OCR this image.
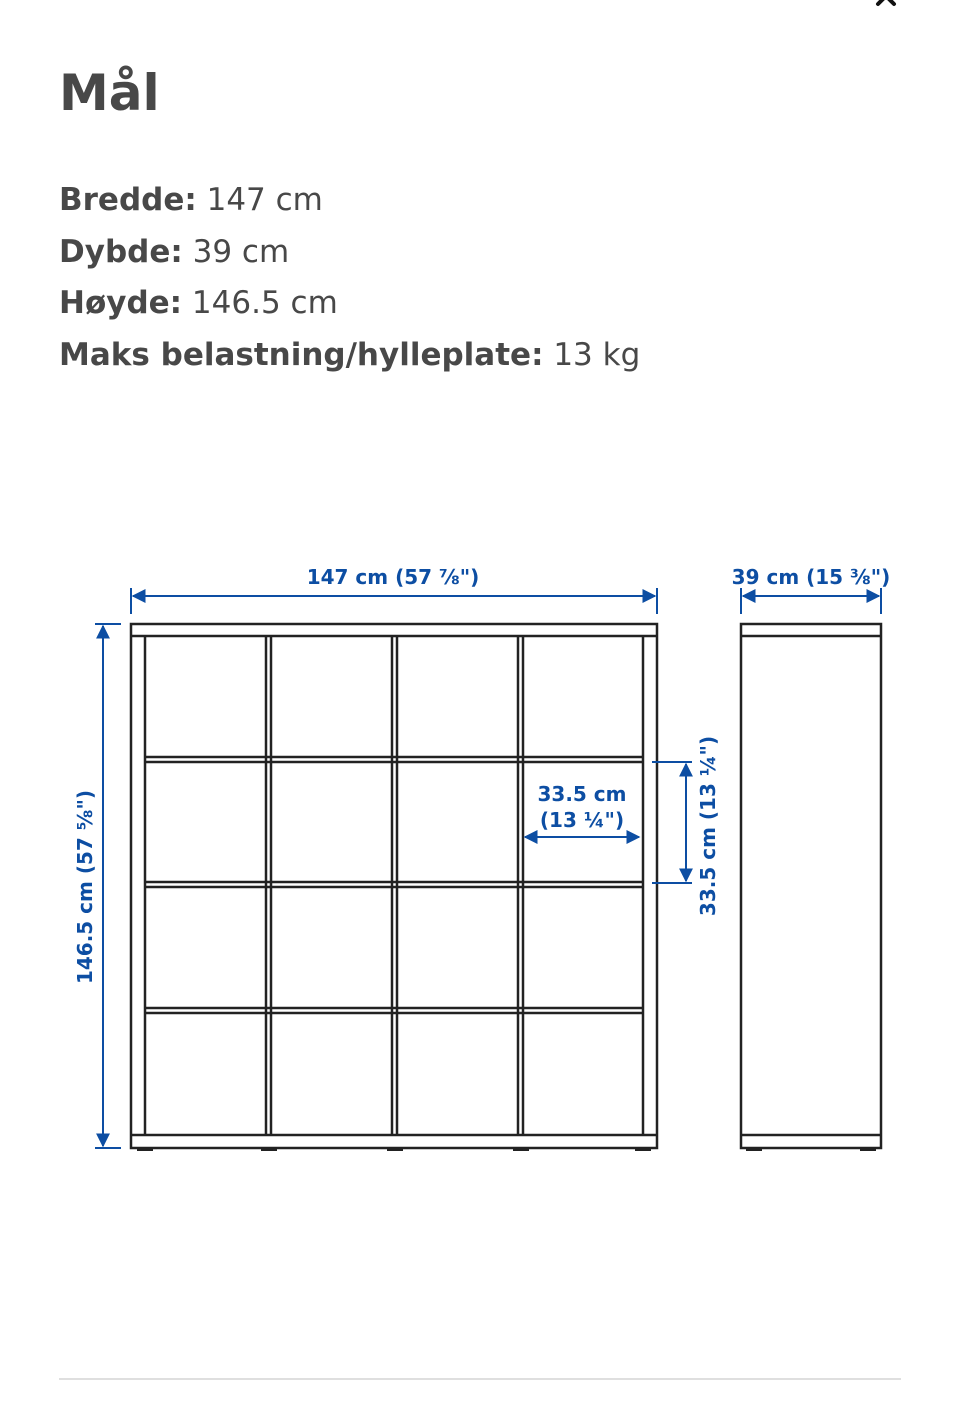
Mål
Bredde: 147 cm
Dybde: 39 cm
Høyde: 146.5 cm
Maks belastning/hylleplate: 13 kg
147 cm (57 ⅞")	39 cm (15 ⅜")
146.5 cm (57 ⅝")	33.5 cm
(13 ¼")	33.5 cm (13 ¼")
